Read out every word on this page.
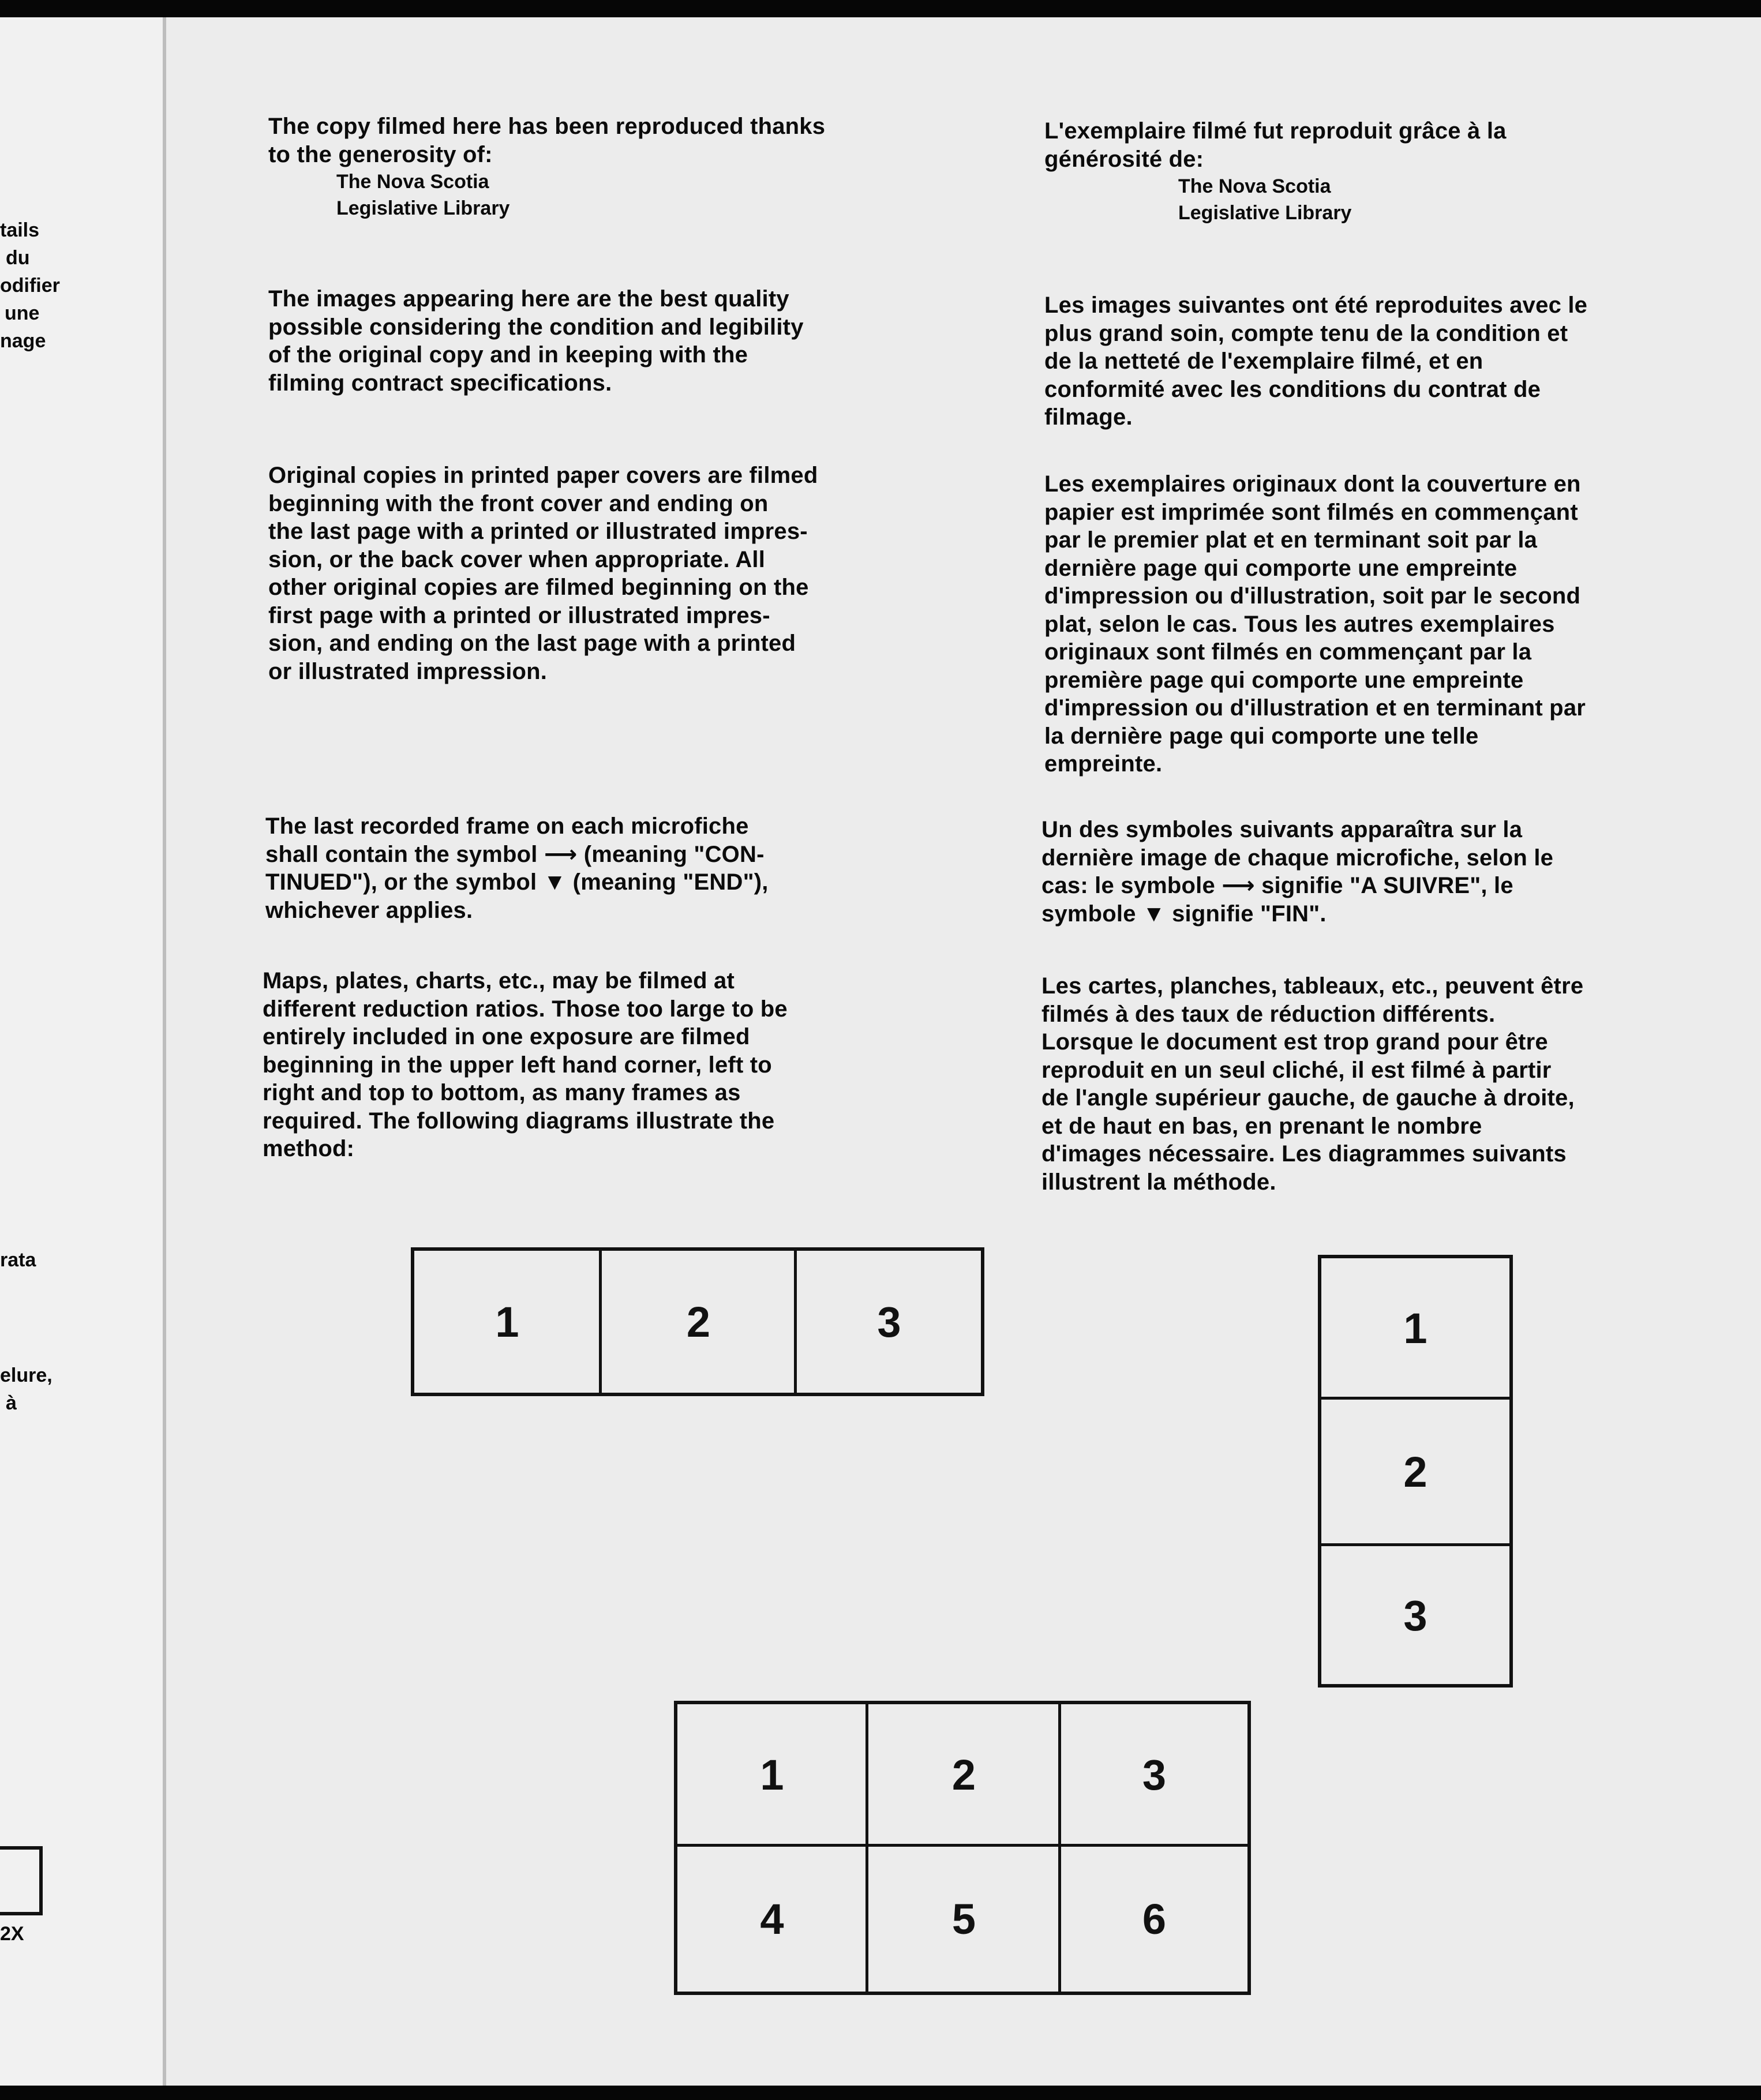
tails
du
odifier
une
nage
rata
elure,
à
2X
The copy filmed here has been reproduced thanks
to the generosity of:
The Nova Scotia
Legislative Library
The images appearing here are the best quality
possible considering the condition and legibility
of the original copy and in keeping with the
filming contract specifications.
Original copies in printed paper covers are filmed
beginning with the front cover and ending on
the last page with a printed or illustrated impres-
sion, or the back cover when appropriate. All
other original copies are filmed beginning on the
first page with a printed or illustrated impres-
sion, and ending on the last page with a printed
or illustrated impression.
The last recorded frame on each microfiche
shall contain the symbol ⟶ (meaning "CON-
TINUED"), or the symbol ▼ (meaning "END"),
whichever applies.
Maps, plates, charts, etc., may be filmed at
different reduction ratios. Those too large to be
entirely included in one exposure are filmed
beginning in the upper left hand corner, left to
right and top to bottom, as many frames as
required. The following diagrams illustrate the
method:
L'exemplaire filmé fut reproduit grâce à la
générosité de:
The Nova Scotia
Legislative Library
Les images suivantes ont été reproduites avec le
plus grand soin, compte tenu de la condition et
de la netteté de l'exemplaire filmé, et en
conformité avec les conditions du contrat de
filmage.
Les exemplaires originaux dont la couverture en
papier est imprimée sont filmés en commençant
par le premier plat et en terminant soit par la
dernière page qui comporte une empreinte
d'impression ou d'illustration, soit par le second
plat, selon le cas. Tous les autres exemplaires
originaux sont filmés en commençant par la
première page qui comporte une empreinte
d'impression ou d'illustration et en terminant par
la dernière page qui comporte une telle
empreinte.
Un des symboles suivants apparaîtra sur la
dernière image de chaque microfiche, selon le
cas: le symbole ⟶ signifie "A SUIVRE", le
symbole ▼ signifie "FIN".
Les cartes, planches, tableaux, etc., peuvent être
filmés à des taux de réduction différents.
Lorsque le document est trop grand pour être
reproduit en un seul cliché, il est filmé à partir
de l'angle supérieur gauche, de gauche à droite,
et de haut en bas, en prenant le nombre
d'images nécessaire. Les diagrammes suivants
illustrent la méthode.
1	2	3	1
2
3
1	2	3
4	5	6
